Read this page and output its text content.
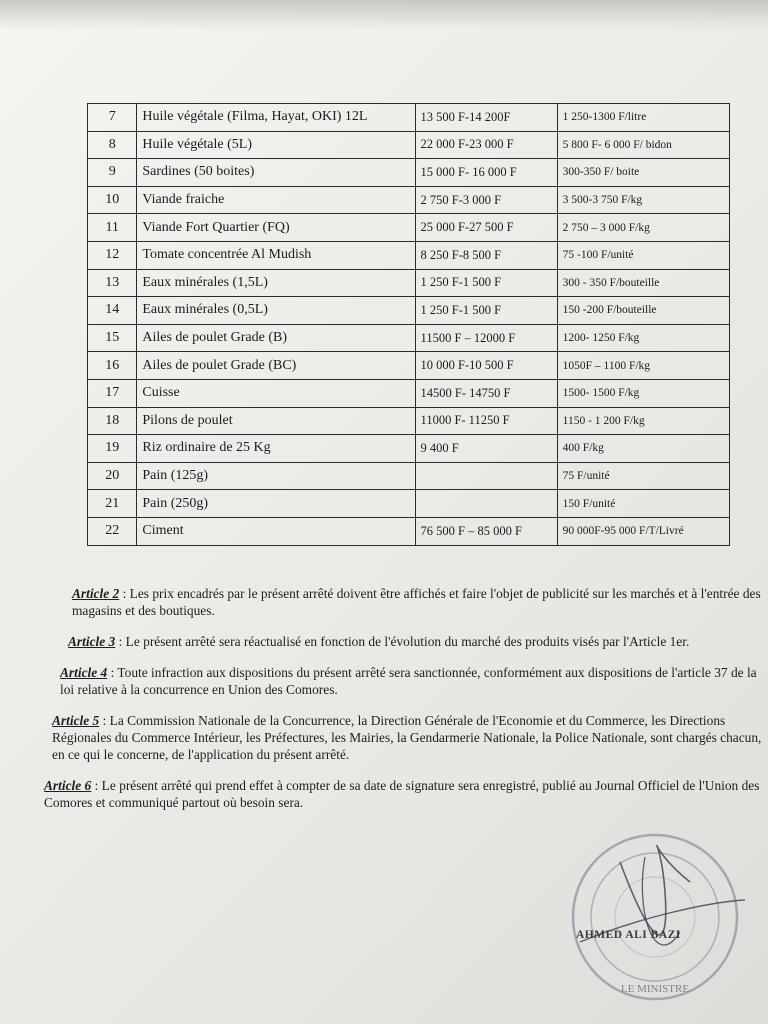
7	Huile végétale (Filma, Hayat, OKI) 12L	13 500 F-14 200F	1 250-1300 F/litre
8	Huile végétale (5L)	22 000 F-23 000 F	5 800 F- 6 000 F/ bidon
9	Sardines (50 boites)	15 000 F- 16 000 F	300-350 F/ boite
10	Viande fraiche	2 750 F-3 000 F	3 500-3 750 F/kg
11	Viande Fort Quartier (FQ)	25 000 F-27 500 F	2 750 – 3 000 F/kg
12	Tomate concentrée Al Mudish	8 250 F-8 500 F	75 -100 F/unité
13	Eaux minérales (1,5L)	1 250 F-1 500 F	300 - 350 F/bouteille
14	Eaux minérales (0,5L)	1 250 F-1 500 F	150 -200 F/bouteille
15	Ailes de poulet Grade (B)	11500 F – 12000 F	1200- 1250 F/kg
16	Ailes de poulet Grade (BC)	10 000 F-10 500 F	1050F – 1100 F/kg
17	Cuisse	14500 F- 14750 F	1500- 1500 F/kg
18	Pilons de poulet	11000 F- 11250 F	1150 - 1 200 F/kg
19	Riz ordinaire de 25 Kg	9 400 F	400 F/kg
20	Pain (125g)		75 F/unité
21	Pain (250g)		150 F/unité
22	Ciment	76 500 F – 85 000 F	90 000F-95 000 F/T/Livré

Article 2 : Les prix encadrés par le présent arrêté doivent être affichés et faire l'objet de publicité sur les marchés et à l'entrée des magasins et des boutiques.

Article 3 : Le présent arrêté sera réactualisé en fonction de l'évolution du marché des produits visés par l'Article 1er.

Article 4 : Toute infraction aux dispositions du présent arrêté sera sanctionnée, conformément aux dispositions de l'article 37 de la loi relative à la concurrence en Union des Comores.

Article 5 : La Commission Nationale de la Concurrence, la Direction Générale de l'Economie et du Commerce, les Directions Régionales du Commerce Intérieur, les Préfectures, les Mairies, la Gendarmerie Nationale, la Police Nationale, sont chargés chacun, en ce qui le concerne, de l'application du présent arrêté.

Article 6 : Le présent arrêté qui prend effet à compter de sa date de signature sera enregistré, publié au Journal Officiel de l'Union des Comores et communiqué partout où besoin sera.

LE MINISTRE
AHMED ALI BAZI
